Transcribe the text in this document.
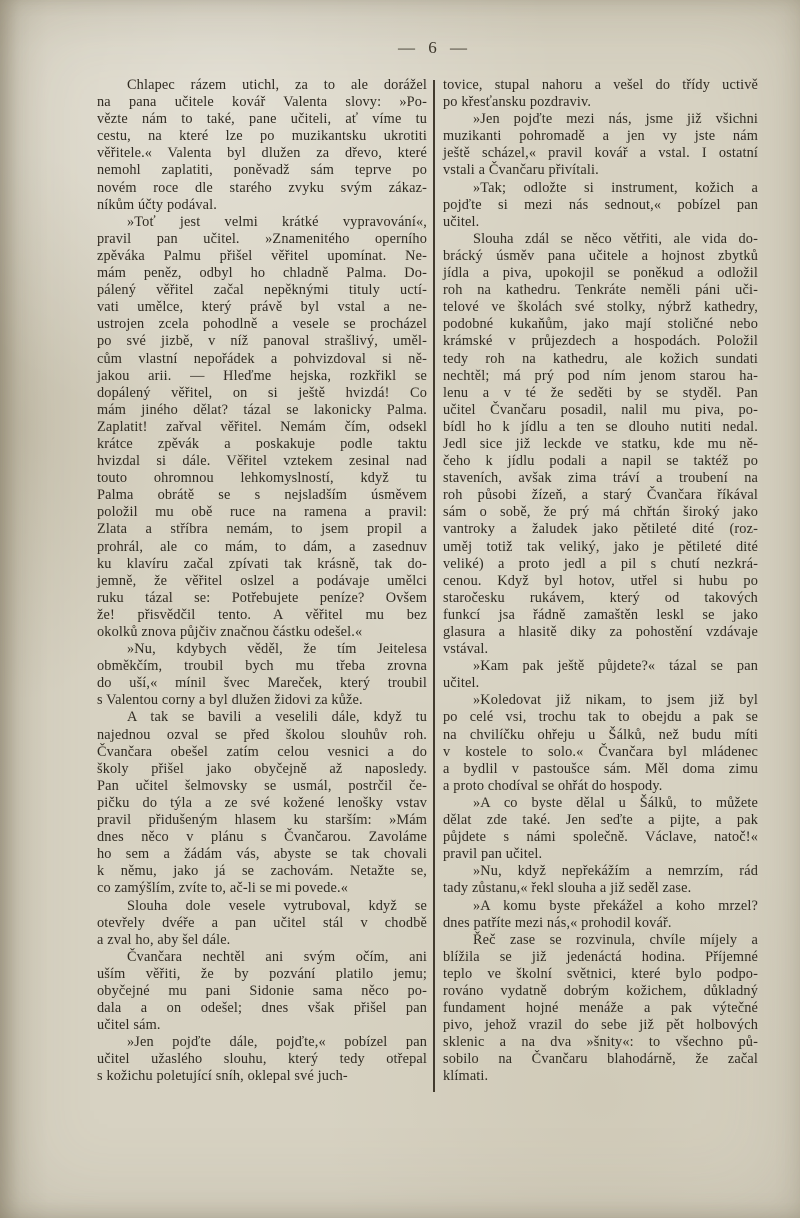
— 6 —
Chlapec rázem utichl, za to ale dorážel
na pana učitele kovář Valenta slovy: »Po-
vězte nám to také, pane učiteli, ať víme tu
cestu, na které lze po muzikantsku ukrotiti
věřitele.« Valenta byl dlužen za dřevo, které
nemohl zaplatiti, poněvadž sám teprve po
novém roce dle starého zvyku svým zákaz-
níkům účty podával.
»Toť jest velmi krátké vypravování«,
pravil pan učitel. »Znamenitého operního
zpěváka Palmu přišel věřitel upomínat. Ne-
mám peněz, odbyl ho chladně Palma. Do-
pálený věřitel začal nepěknými tituly uctí-
vati umělce, který právě byl vstal a ne-
ustrojen zcela pohodlně a vesele se procházel
po své jizbě, v níž panoval strašlivý, uměl-
cům vlastní nepořádek a pohvizdoval si ně-
jakou arii. — Hleďme hejska, rozkřikl se
dopálený věřitel, on si ještě hvizdá! Co
mám jiného dělat? tázal se lakonicky Palma.
Zaplatit! zařval věřitel. Nemám čím, odsekl
krátce zpěvák a poskakuje podle taktu
hvizdal si dále. Věřitel vztekem zesinal nad
touto ohromnou lehkomyslností, když tu
Palma obrátě se s nejsladším úsměvem
položil mu obě ruce na ramena a pravil:
Zlata a stříbra nemám, to jsem propil a
prohrál, ale co mám, to dám, a zasednuv
ku klavíru začal zpívati tak krásně, tak do-
jemně, že věřitel oslzel a podávaje umělci
ruku tázal se: Potřebujete peníze? Ovšem
že! přisvědčil tento. A věřitel mu bez
okolků znova půjčiv značnou částku odešel.«
»Nu, kdybych věděl, že tím Jeitelesa
obměkčím, troubil bych mu třeba zrovna
do uší,« mínil švec Mareček, který troubil
s Valentou corny a byl dlužen židovi za kůže.
A tak se bavili a veselili dále, když tu
najednou ozval se před školou slouhův roh.
Čvančara obešel zatím celou vesnici a do
školy přišel jako obyčejně až naposledy.
Pan učitel šelmovsky se usmál, postrčil če-
pičku do týla a ze své kožené lenošky vstav
pravil přidušeným hlasem ku starším: »Mám
dnes něco v plánu s Čvančarou. Zavoláme
ho sem a žádám vás, abyste se tak chovali
k němu, jako já se zachovám. Netažte se,
co zamýšlím, zvíte to, ač-li se mi povede.«
Slouha dole vesele vytruboval, když se
otevřely dvéře a pan učitel stál v chodbě
a zval ho, aby šel dále.
Čvančara nechtěl ani svým očím, ani
uším věřiti, že by pozvání platilo jemu;
obyčejné mu pani Sidonie sama něco po-
dala a on odešel; dnes však přišel pan
učitel sám.
»Jen pojďte dále, pojďte,« pobízel pan
učitel užaslého slouhu, který tedy otřepal
s kožichu poletující sníh, oklepal své juch-
tovice, stupal nahoru a vešel do třídy uctivě
po křesťansku pozdraviv.
»Jen pojďte mezi nás, jsme již všichni
muzikanti pohromadě a jen vy jste nám
ještě scházel,« pravil kovář a vstal. I ostatní
vstali a Čvančaru přivítali.
»Tak; odložte si instrument, kožich a
pojďte si mezi nás sednout,« pobízel pan
učitel.
Slouha zdál se něco větřiti, ale vida do-
brácký úsměv pana učitele a hojnost zbytků
jídla a piva, upokojil se poněkud a odložil
roh na kathedru. Tenkráte neměli páni uči-
telové ve školách své stolky, nýbrž kathedry,
podobné kukaňům, jako mají stoličné nebo
krámské v průjezdech a hospodách. Položil
tedy roh na kathedru, ale kožich sundati
nechtěl; má prý pod ním jenom starou ha-
lenu a v té že seděti by se styděl. Pan
učitel Čvančaru posadil, nalil mu piva, po-
bídl ho k jídlu a ten se dlouho nutiti nedal.
Jedl sice již leckde ve statku, kde mu ně-
čeho k jídlu podali a napil se taktéž po
staveních, avšak zima tráví a troubení na
roh působi žízeň, a starý Čvančara říkával
sám o sobě, že prý má chřtán široký jako
vantroky a žaludek jako pětileté dité (roz-
uměj totiž tak veliký, jako je pětileté dité
veliké) a proto jedl a pil s chutí nezkrá-
cenou. Když byl hotov, utřel si hubu po
staročesku rukávem, který od takových
funkcí jsa řádně zamaštěn leskl se jako
glasura a hlasitě diky za pohostění vzdávaje
vstával.
»Kam pak ještě půjdete?« tázal se pan
učitel.
»Koledovat již nikam, to jsem již byl
po celé vsi, trochu tak to obejdu a pak se
na chvilíčku ohřeju u Šálků, než budu míti
v kostele to solo.« Čvančara byl mládenec
a bydlil v pastoušce sám. Měl doma zimu
a proto chodíval se ohřát do hospody.
»A co byste dělal u Šálků, to můžete
dělat zde také. Jen seďte a pijte, a pak
půjdete s námi společně. Václave, natoč!«
pravil pan učitel.
»Nu, když nepřekážím a nemrzím, rád
tady zůstanu,« řekl slouha a již seděl zase.
»A komu byste překážel a koho mrzel?
dnes patříte mezi nás,« prohodil kovář.
Řeč zase se rozvinula, chvíle míjely a
blížila se již jedenáctá hodina. Příjemné
teplo ve školní světnici, které bylo podpo-
rováno vydatně dobrým kožichem, důkladný
fundament hojné menáže a pak výtečné
pivo, jehož vrazil do sebe již pět holbových
sklenic a na dva »šnity«: to všechno pů-
sobilo na Čvančaru blahodárně, že začal
klímati.
